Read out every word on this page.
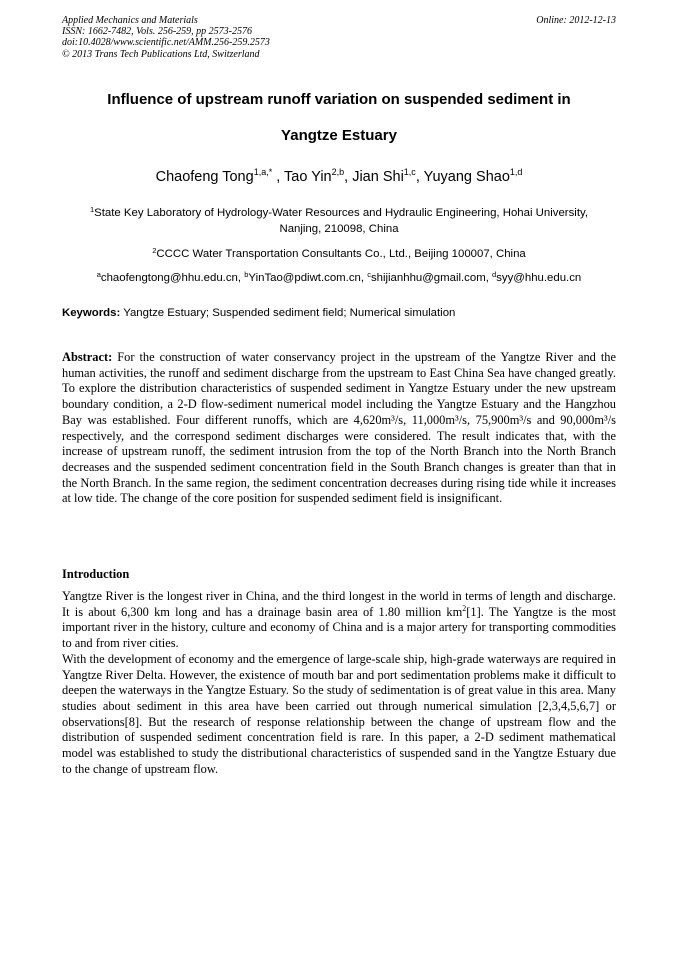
Applied Mechanics and Materials
ISSN: 1662-7482, Vols. 256-259, pp 2573-2576
doi:10.4028/www.scientific.net/AMM.256-259.2573
© 2013 Trans Tech Publications Ltd, Switzerland
Online: 2012-12-13
Influence of upstream runoff variation on suspended sediment in
Yangtze Estuary
Chaofeng Tong$^{1,a,*}$ , Tao Yin$^{2,b}$, Jian Shi$^{1,c}$, Yuyang Shao$^{1,d}$
$^1$State Key Laboratory of Hydrology-Water Resources and Hydraulic Engineering, Hohai University,
Nanjing, 210098, China
$^2$CCCC Water Transportation Consultants Co., Ltd., Beijing 100007, China
$^a$chaofengtong@hhu.edu.cn, $^b$YinTao@pdiwt.com.cn, $^c$shijianhhu@gmail.com, $^d$syy@hhu.edu.cn
Keywords: Yangtze Estuary; Suspended sediment field; Numerical simulation
Abstract: For the construction of water conservancy project in the upstream of the Yangtze River and the human activities, the runoff and sediment discharge from the upstream to East China Sea have changed greatly. To explore the distribution characteristics of suspended sediment in Yangtze Estuary under the new upstream boundary condition, a 2-D flow-sediment numerical model including the Yangtze Estuary and the Hangzhou Bay was established. Four different runoffs, which are 4,620m³/s, 11,000m³/s, 75,900m³/s and 90,000m³/s respectively, and the correspond sediment discharges were considered. The result indicates that, with the increase of upstream runoff, the sediment intrusion from the top of the North Branch into the North Branch decreases and the suspended sediment concentration field in the South Branch changes is greater than that in the North Branch. In the same region, the sediment concentration decreases during rising tide while it increases at low tide. The change of the core position for suspended sediment field is insignificant.
Introduction

Yangtze River is the longest river in China, and the third longest in the world in terms of length and discharge. It is about 6,300 km long and has a drainage basin area of 1.80 million $km^2[1]$. The Yangtze is the most important river in the history, culture and economy of China and is a major artery for transporting commodities to and from river cities.

With the development of economy and the emergence of large-scale ship, high-grade waterways are required in Yangtze River Delta. However, the existence of mouth bar and port sedimentation problems make it difficult to deepen the waterways in the Yangtze Estuary. So the study of sedimentation is of great value in this area. Many studies about sediment in this area have been carried out through numerical simulation [2,3,4,5,6,7] or observations[8]. But the research of response relationship between the change of upstream flow and the distribution of suspended sediment concentration field is rare. In this paper, a 2-D sediment mathematical model was established to study the distributional characteristics of suspended sand in the Yangtze Estuary due to the change of upstream flow.
